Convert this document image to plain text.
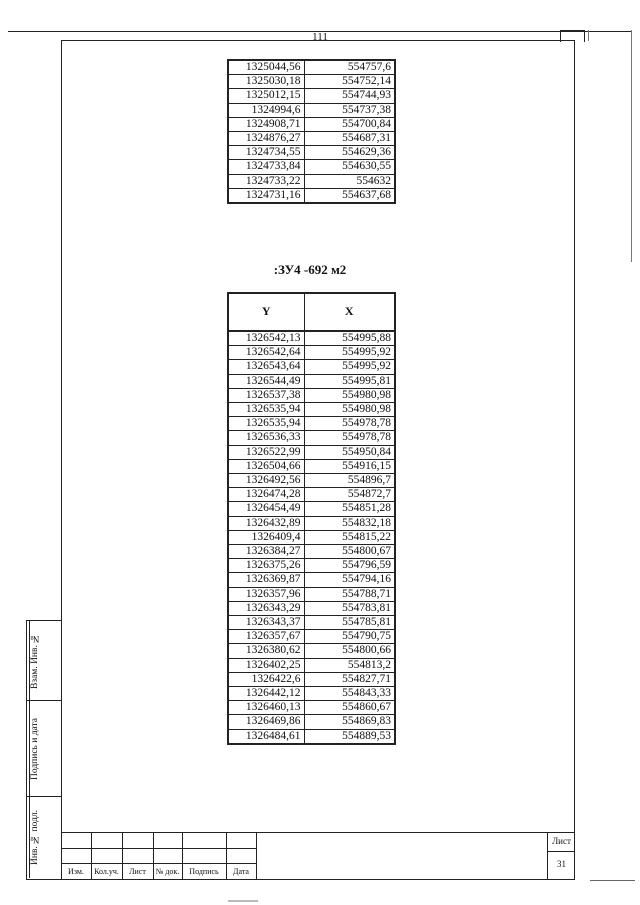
111
1325044,56	554757,6
1325030,18	554752,14
1325012,15	554744,93
1324994,6	554737,38
1324908,71	554700,84
1324876,27	554687,31
1324734,55	554629,36
1324733,84	554630,55
1324733,22	554632
1324731,16	554637,68
:ЗУ4 -692 м2
Y	X
1326542,13	554995,88
1326542,64	554995,92
1326543,64	554995,92
1326544,49	554995,81
1326537,38	554980,98
1326535,94	554980,98
1326535,94	554978,78
1326536,33	554978,78
1326522,99	554950,84
1326504,66	554916,15
1326492,56	554896,7
1326474,28	554872,7
1326454,49	554851,28
1326432,89	554832,18
1326409,4	554815,22
1326384,27	554800,67
1326375,26	554796,59
1326369,87	554794,16
1326357,96	554788,71
1326343,29	554783,81
1326343,37	554785,81
1326357,67	554790,75
1326380,62	554800,66
1326402,25	554813,2
1326422,6	554827,71
1326442,12	554843,33
1326460,13	554860,67
1326469,86	554869,83
1326484,61	554889,53
Взам. Инв. №
Подпись и дата
Инв. № подл.
Изм.	Кол.уч.	Лист	№ док.	Подпись	Дата
Лист
31
